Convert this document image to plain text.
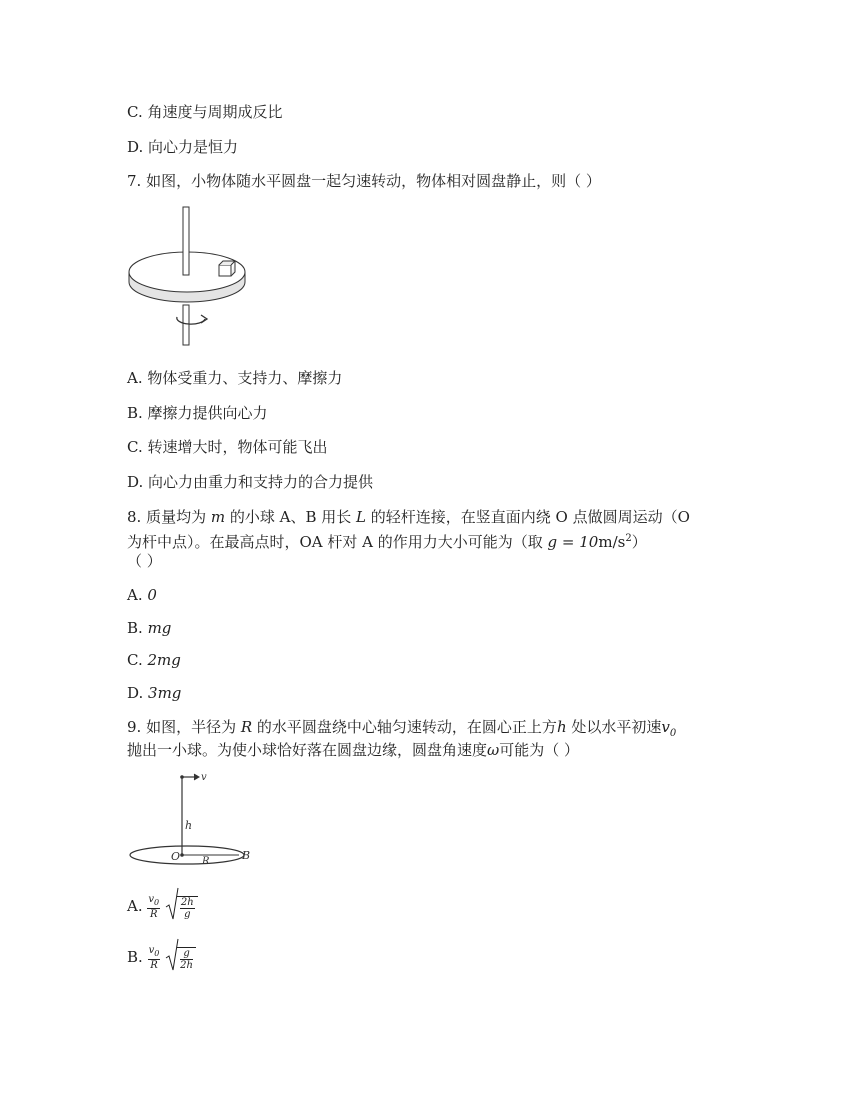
C. 角速度与周期成反比
D. 向心力是恒力
7. 如图，小物体随水平圆盘一起匀速转动，物体相对圆盘静止，则（ ）
A. 物体受重力、支持力、摩擦力
B. 摩擦力提供向心力
C. 转速增大时，物体可能飞出
D. 向心力由重力和支持力的合力提供
8. 质量均为 m 的小球 A、B 用长 L 的轻杆连接，在竖直面内绕 O 点做圆周运动（O
为杆中点）。在最高点时，OA 杆对 A 的作用力大小可能为（取 $g = 10m/s^2$）
（ ）
A. 0
B. mg
C. 2mg
D. 3mg
9. 如图，半径为 R 的水平圆盘绕中心轴匀速转动，在圆心正上方ℎ 处以水平初速$v_0$
抛出一小球。为使小球恰好落在圆盘边缘，圆盘角速度ω可能为（ ）
v
h
O R	B
A. $\frac{v_0}{R}$
$\frac{\text{2ℎ}}{g}$
B. $\frac{v_0}{R}$
$\frac{g}{\text{2ℎ}}$
